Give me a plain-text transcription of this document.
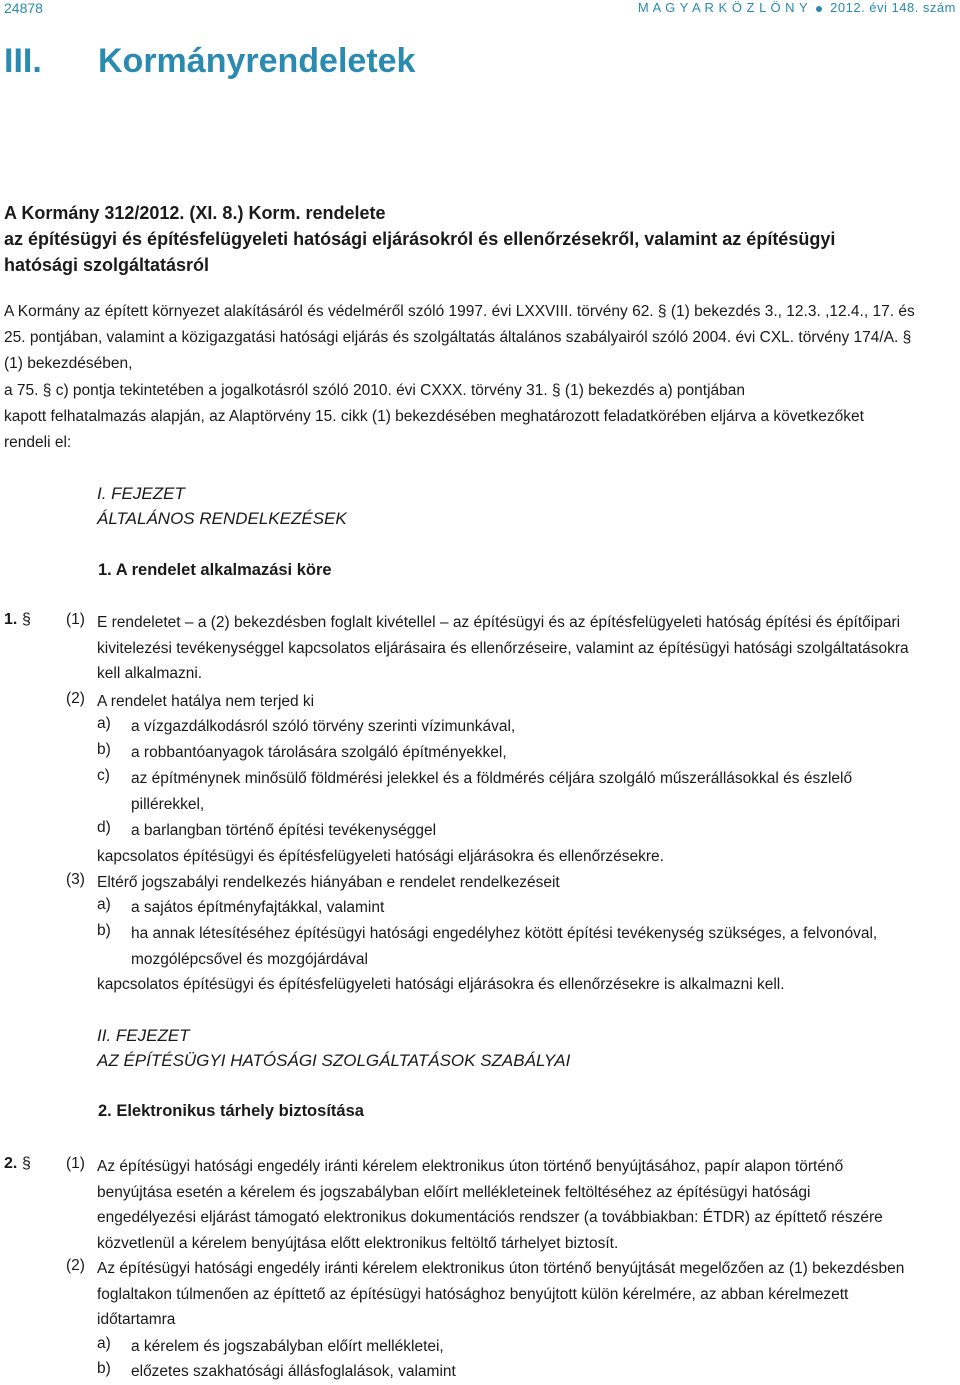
24878	M A G Y A R K Ö Z L Ö N Y 2012. évi 148. szám
III. Kormányrendeletek
A Kormány 312/2012. (XI. 8.) Korm. rendelete
az építésügyi és építésfelügyeleti hatósági eljárásokról és ellenőrzésekről, valamint az építésügyi
hatósági szolgáltatásról
A Kormány az épített környezet alakításáról és védelméről szóló 1997. évi LXXVIII. törvény 62. § (1) bekezdés 3., 12.3. ,12.4., 17. és
25. pontjában, valamint a közigazgatási hatósági eljárás és szolgáltatás általános szabályairól szóló 2004. évi CXL. törvény 174/A. §
(1) bekezdésében,
a 75. § c) pontja tekintetében a jogalkotásról szóló 2010. évi CXXX. törvény 31. § (1) bekezdés a) pontjában
kapott felhatalmazás alapján, az Alaptörvény 15. cikk (1) bekezdésében meghatározott feladatkörében eljárva a következőket
rendeli el:
I. FEJEZET
ÁLTALÁNOS RENDELKEZÉSEK
1. A rendelet alkalmazási köre
1. § (1) E rendeletet – a (2) bekezdésben foglalt kivétellel – az építésügyi és az építésfelügyeleti hatóság építési és építőipari
kivitelezési tevékenységgel kapcsolatos eljárásaira és ellenőrzéseire, valamint az építésügyi hatósági szolgáltatásokra
kell alkalmazni.
(2) A rendelet hatálya nem terjed ki
a) a vízgazdálkodásról szóló törvény szerinti vízimunkával,
b) a robbantóanyagok tárolására szolgáló építményekkel,
c) az építménynek minősülő földmérési jelekkel és a földmérés céljára szolgáló műszerállásokkal és észlelő
pillérekkel,
d) a barlangban történő építési tevékenységgel
kapcsolatos építésügyi és építésfelügyeleti hatósági eljárásokra és ellenőrzésekre.
(3) Eltérő jogszabályi rendelkezés hiányában e rendelet rendelkezéseit
a) a sajátos építményfajtákkal, valamint
b) ha annak létesítéséhez építésügyi hatósági engedélyhez kötött építési tevékenység szükséges, a felvonóval,
mozgólépcsővel és mozgójárdával
kapcsolatos építésügyi és építésfelügyeleti hatósági eljárásokra és ellenőrzésekre is alkalmazni kell.
II. FEJEZET
AZ ÉPÍTÉSÜGYI HATÓSÁGI SZOLGÁLTATÁSOK SZABÁLYAI
2. Elektronikus tárhely biztosítása
2. § (1) Az építésügyi hatósági engedély iránti kérelem elektronikus úton történő benyújtásához, papír alapon történő
benyújtása esetén a kérelem és jogszabályban előírt mellékleteinek feltöltéséhez az építésügyi hatósági
engedélyezési eljárást támogató elektronikus dokumentációs rendszer (a továbbiakban: ÉTDR) az építtető részére
közvetlenül a kérelem benyújtása előtt elektronikus feltöltő tárhelyet biztosít.
(2) Az építésügyi hatósági engedély iránti kérelem elektronikus úton történő benyújtását megelőzően az (1) bekezdésben
foglaltakon túlmenően az építtető az építésügyi hatósághoz benyújtott külön kérelmére, az abban kérelmezett
időtartamra
a) a kérelem és jogszabályban előírt mellékletei,
b) előzetes szakhatósági állásfoglalások, valamint
